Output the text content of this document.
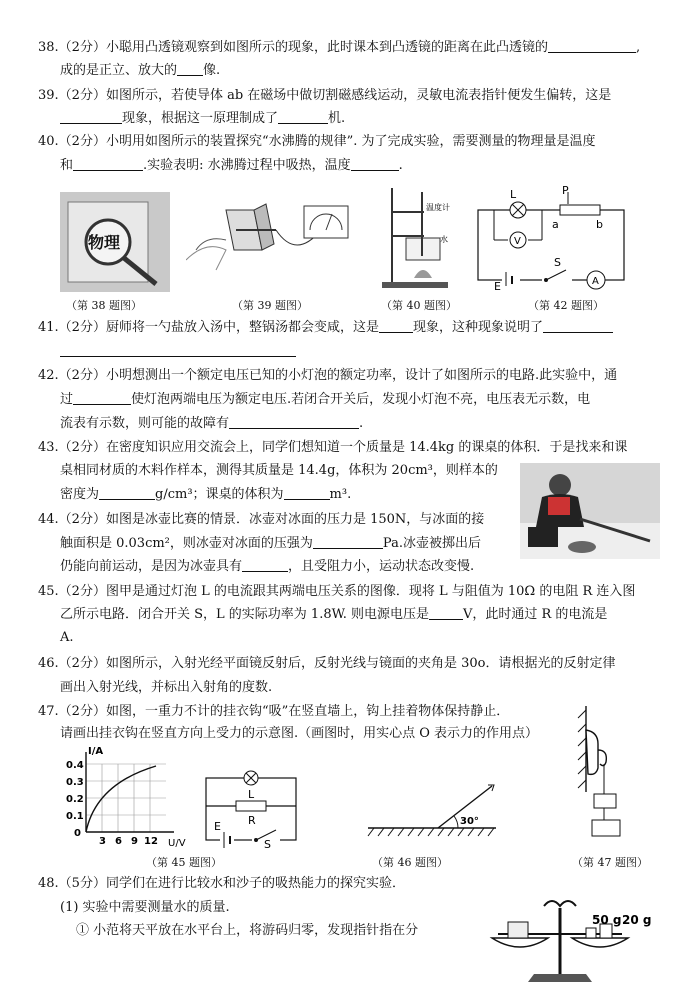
38.（2分）小聪用凸透镜观察到如图所示的现象，此时课本到凸透镜的距离在此凸透镜的	,
成的是正立、放大的 像.
39.（2分）如图所示，若使导体 ab 在磁场中做切割磁感线运动，灵敏电流表指针便发生偏转，这是
现象，根据这一原理制成了	机.
40.（2分）小明用如图所示的装置探究“水沸腾的规律”. 为了完成实验，需要测量的物理量是温度
和	.实验表明: 水沸腾过程中吸热，温度	.
物理
（第 38 题图）	（第 39 题图）
温度计
水
（第 40 题图）
L	P
a	b
V
E
S
A
（第 42 题图）
41.（2分）厨师将一勺盐放入汤中，整锅汤都会变咸，这是	现象，这种现象说明了
42.（2分）小明想测出一个额定电压已知的小灯泡的额定功率，设计了如图所示的电路.此实验中，通
过	使灯泡两端电压为额定电压.若闭合开关后，发现小灯泡不亮，电压表无示数，电
流表有示数，则可能的故障有	.
43.（2分）在密度知识应用交流会上，同学们想知道一个质量是 14.4kg 的课桌的体积．于是找来和课
桌相同材质的木料作样本，测得其质量是 14.4g，体积为 20cm³，则样本的
密度为	g/cm³；课桌的体积为	m³.
44.（2分）如图是冰壶比赛的情景．冰壶对冰面的压力是 150N，与冰面的接
触面积是 0.03cm²，则冰壶对冰面的压强为	Pa.冰壶被掷出后
仍能向前运动，是因为冰壶具有	，且受阻力小，运动状态改变慢.
45.（2分）图甲是通过灯泡 L 的电流跟其两端电压关系的图像．现将 L 与阻值为 10Ω 的电阻 R 连入图
乙所示电路．闭合开关 S，L 的实际功率为 1.8W. 则电源电压是	V，此时通过 R 的电流是
A.
46.（2分）如图所示，入射光经平面镜反射后，反射光线与镜面的夹角是 30o．请根据光的反射定律
画出入射光线，并标出入射角的度数.
47.（2分）如图，一重力不计的挂衣钩“吸”在竖直墙上，钩上挂着物体保持静止．
请画出挂衣钩在竖直方向上受力的示意图.（画图时，用实心点 O 表示力的作用点）
I/A
U/V
0.4
0.3
0.2
0.1
0
3 6 9 12
L
R
E
S
（第 45 题图）
30°
（第 46 题图）	（第 47 题图）
48.（5分）同学们在进行比较水和沙子的吸热能力的探究实验．
(1) 实验中需要测量水的质量.
① 小范将天平放在水平台上，将游码归零，发现指针指在分
50 g 20 g
